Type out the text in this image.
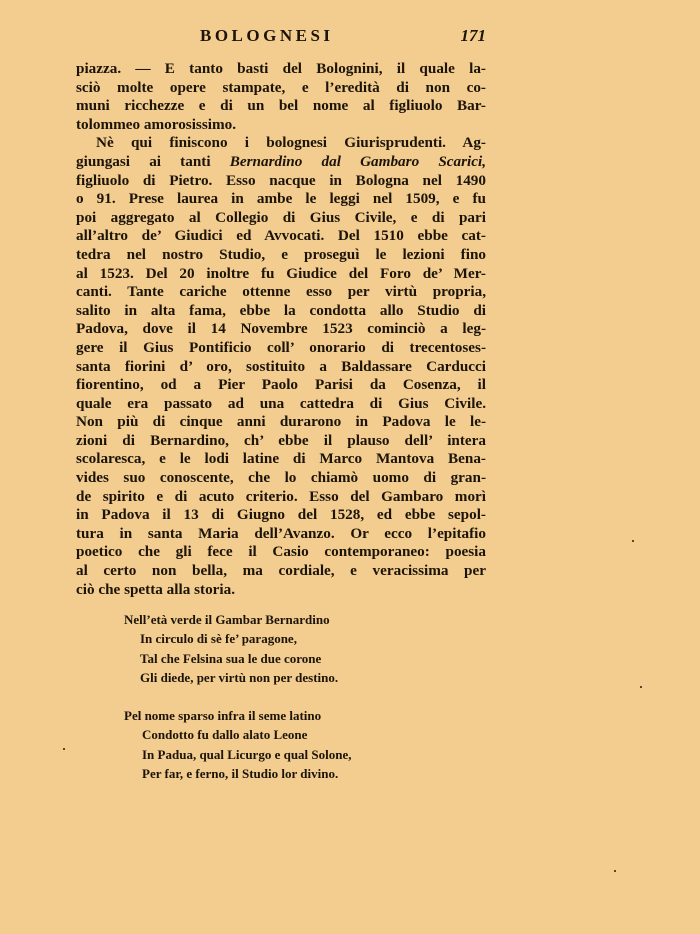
BOLOGNESI	171
piazza. — E tanto basti del Bolognini, il quale la-
sciò molte opere stampate, e l’eredità di non co-
muni ricchezze e di un bel nome al figliuolo Bar-
tolommeo amorosissimo.
Nè qui finiscono i bolognesi Giurisprudenti. Ag-
giungasi ai tanti Bernardino dal Gambaro Scarici,
figliuolo di Pietro. Esso nacque in Bologna nel 1490
o 91. Prese laurea in ambe le leggi nel 1509, e fu
poi aggregato al Collegio di Gius Civile, e di pari
all’altro de’ Giudici ed Avvocati. Del 1510 ebbe cat-
tedra nel nostro Studio, e proseguì le lezioni fino
al 1523. Del 20 inoltre fu Giudice del Foro de’ Mer-
canti. Tante cariche ottenne esso per virtù propria,
salito in alta fama, ebbe la condotta allo Studio di
Padova, dove il 14 Novembre 1523 cominciò a leg-
gere il Gius Pontificio coll’ onorario di trecentoses-
santa fiorini d’ oro, sostituito a Baldassare Carducci
fiorentino, od a Pier Paolo Parisi da Cosenza, il
quale era passato ad una cattedra di Gius Civile.
Non più di cinque anni durarono in Padova le le-
zioni di Bernardino, ch’ ebbe il plauso dell’ intera
scolaresca, e le lodi latine di Marco Mantova Bena-
vides suo conoscente, che lo chiamò uomo di gran-
de spirito e di acuto criterio. Esso del Gambaro morì
in Padova il 13 di Giugno del 1528, ed ebbe sepol-
tura in santa Maria dell’Avanzo. Or ecco l’epitafio
poetico che gli fece il Casio contemporaneo: poesia
al certo non bella, ma cordiale, e veracissima per
ciò che spetta alla storia.
Nell’età verde il Gambar Bernardino
In circulo di sè fe’ paragone,
Tal che Felsina sua le due corone
Gli diede, per virtù non per destino.
Pel nome sparso infra il seme latino
Condotto fu dallo alato Leone
In Padua, qual Licurgo e qual Solone,
Per far, e ferno, il Studio lor divino.
